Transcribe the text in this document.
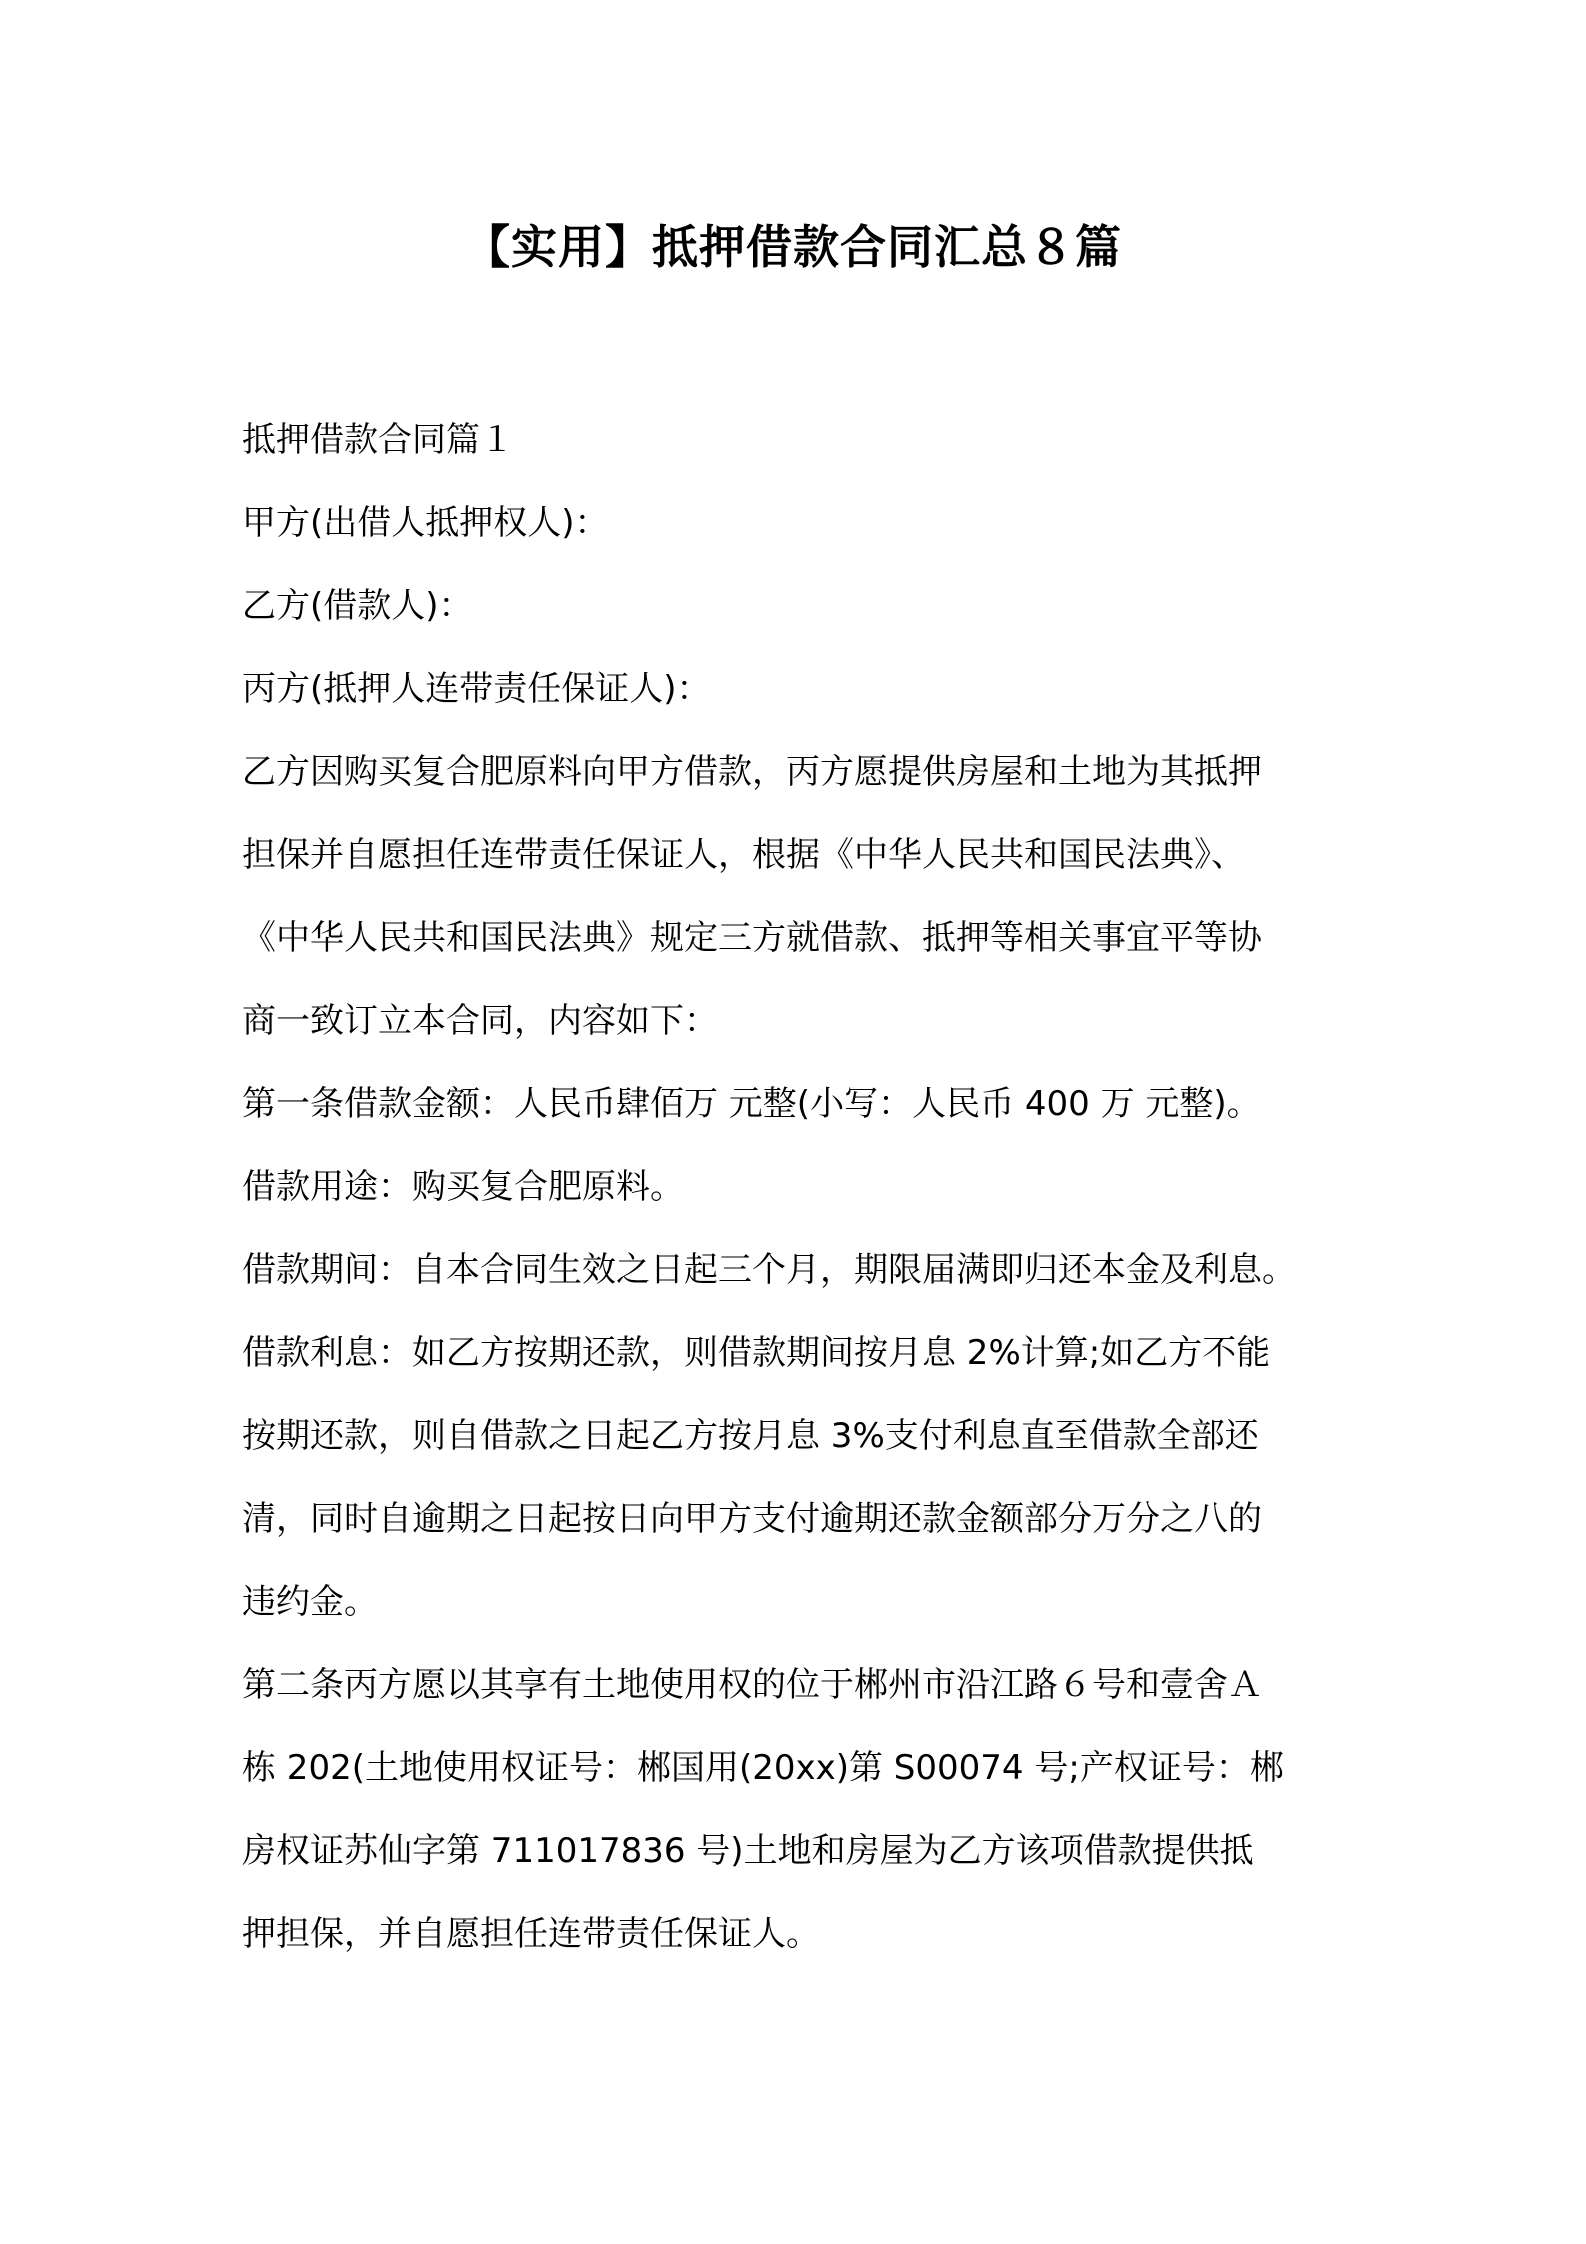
【实用】抵押借款合同汇总８篇

抵押借款合同篇１

甲方(出借人抵押权人)：

乙方(借款人)：

丙方(抵押人连带责任保证人)：

乙方因购买复合肥原料向甲方借款，丙方愿提供房屋和土地为其抵押

担保并自愿担任连带责任保证人，根据《中华人民共和国民法典》、

《中华人民共和国民法典》规定三方就借款、抵押等相关事宜平等协

商一致订立本合同，内容如下：

第一条借款金额：人民币肆佰万 元整(小写：人民币 400 万 元整)。

借款用途：购买复合肥原料。

借款期间：自本合同生效之日起三个月，期限届满即归还本金及利息。

借款利息：如乙方按期还款，则借款期间按月息 2%计算;如乙方不能

按期还款，则自借款之日起乙方按月息 3%支付利息直至借款全部还

清，同时自逾期之日起按日向甲方支付逾期还款金额部分万分之八的

违约金。

第二条丙方愿以其享有土地使用权的位于郴州市沿江路６号和壹舍Ａ

栋 202(土地使用权证号：郴国用(20xx)第 S00074 号;产权证号：郴

房权证苏仙字第 711017836 号)土地和房屋为乙方该项借款提供抵

押担保，并自愿担任连带责任保证人。
